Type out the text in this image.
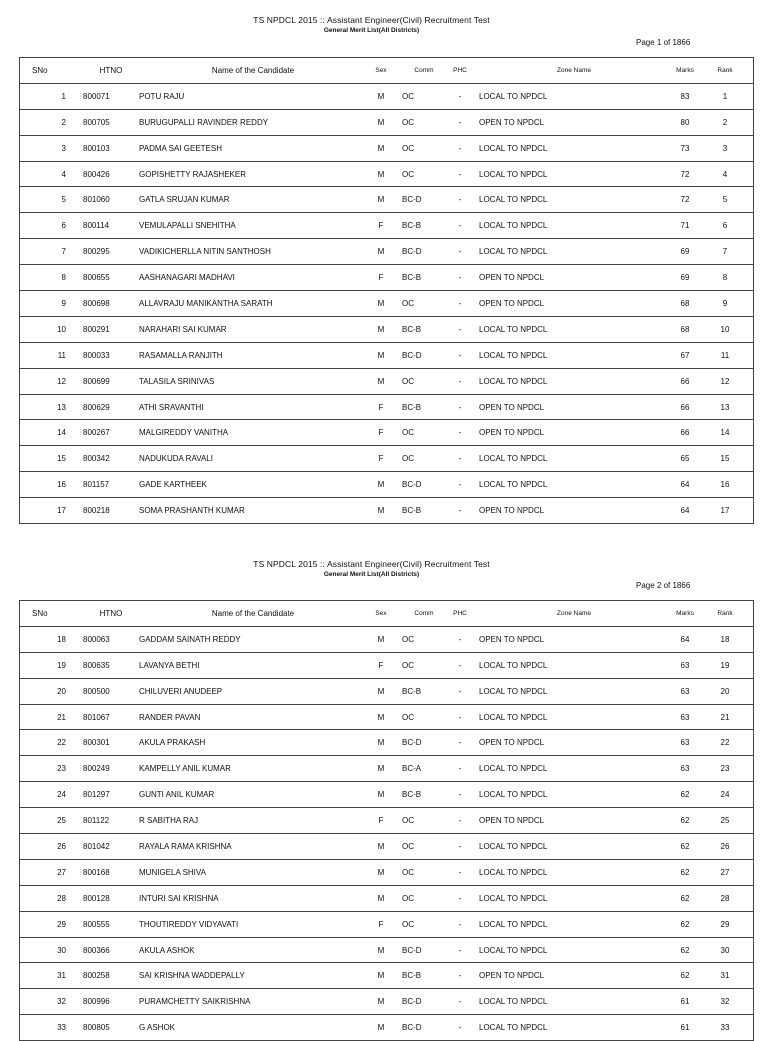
TS NPDCL 2015 :: Assistant Engineer(Civil) Recruitment Test
General Merit List(All Districts)
Page 1 of 1866
SNo	HTNO	Name of the Candidate	Sex	Comm	PHC	Zone Name	Marks	Rank
1	800071	POTU RAJU	M	OC	-	LOCAL TO NPDCL	83	1
2	800705	BURUGUPALLI RAVINDER REDDY	M	OC	-	OPEN TO NPDCL	80	2
3	800103	PADMA SAI GEETESH	M	OC	-	LOCAL TO NPDCL	73	3
4	800426	GOPISHETTY RAJASHEKER	M	OC	-	LOCAL TO NPDCL	72	4
5	801060	GATLA SRUJAN KUMAR	M	BC-D	-	LOCAL TO NPDCL	72	5
6	800114	VEMULAPALLI SNEHITHA	F	BC-B	-	LOCAL TO NPDCL	71	6
7	800295	VADIKICHERLLA NITIN SANTHOSH	M	BC-D	-	LOCAL TO NPDCL	69	7
8	800655	AASHANAGARI MADHAVI	F	BC-B	-	OPEN TO NPDCL	69	8
9	800698	ALLAVRAJU MANIKANTHA SARATH	M	OC	-	OPEN TO NPDCL	68	9
10	800291	NARAHARI SAI KUMAR	M	BC-B	-	LOCAL TO NPDCL	68	10
11	800033	RASAMALLA RANJITH	M	BC-D	-	LOCAL TO NPDCL	67	11
12	800699	TALASILA SRINIVAS	M	OC	-	LOCAL TO NPDCL	66	12
13	800629	ATHI SRAVANTHI	F	BC-B	-	OPEN TO NPDCL	66	13
14	800267	MALGIREDDY VANITHA	F	OC	-	OPEN TO NPDCL	66	14
15	800342	NADUKUDA RAVALI	F	OC	-	LOCAL TO NPDCL	65	15
16	801157	GADE KARTHEEK	M	BC-D	-	LOCAL TO NPDCL	64	16
17	800218	SOMA PRASHANTH KUMAR	M	BC-B	-	OPEN TO NPDCL	64	17
TS NPDCL 2015 :: Assistant Engineer(Civil) Recruitment Test
General Merit List(All Districts)
Page 2 of 1866
SNo	HTNO	Name of the Candidate	Sex	Comm	PHC	Zone Name	Marks	Rank
18	800063	GADDAM SAINATH REDDY	M	OC	-	OPEN TO NPDCL	64	18
19	800635	LAVANYA BETHI	F	OC	-	LOCAL TO NPDCL	63	19
20	800500	CHILUVERI ANUDEEP	M	BC-B	-	LOCAL TO NPDCL	63	20
21	801067	RANDER PAVAN	M	OC	-	LOCAL TO NPDCL	63	21
22	800301	AKULA PRAKASH	M	BC-D	-	OPEN TO NPDCL	63	22
23	800249	KAMPELLY ANIL KUMAR	M	BC-A	-	LOCAL TO NPDCL	63	23
24	801297	GUNTI ANIL KUMAR	M	BC-B	-	LOCAL TO NPDCL	62	24
25	801122	R SABITHA RAJ	F	OC	-	OPEN TO NPDCL	62	25
26	801042	RAYALA RAMA KRISHNA	M	OC	-	LOCAL TO NPDCL	62	26
27	800168	MUNIGELA SHIVA	M	OC	-	LOCAL TO NPDCL	62	27
28	800128	INTURI SAI KRISHNA	M	OC	-	LOCAL TO NPDCL	62	28
29	800555	THOUTIREDDY VIDYAVATI	F	OC	-	LOCAL TO NPDCL	62	29
30	800366	AKULA ASHOK	M	BC-D	-	LOCAL TO NPDCL	62	30
31	800258	SAI KRISHNA WADDEPALLY	M	BC-B	-	OPEN TO NPDCL	62	31
32	800996	PURAMCHETTY SAIKRISHNA	M	BC-D	-	LOCAL TO NPDCL	61	32
33	800805	G ASHOK	M	BC-D	-	LOCAL TO NPDCL	61	33
